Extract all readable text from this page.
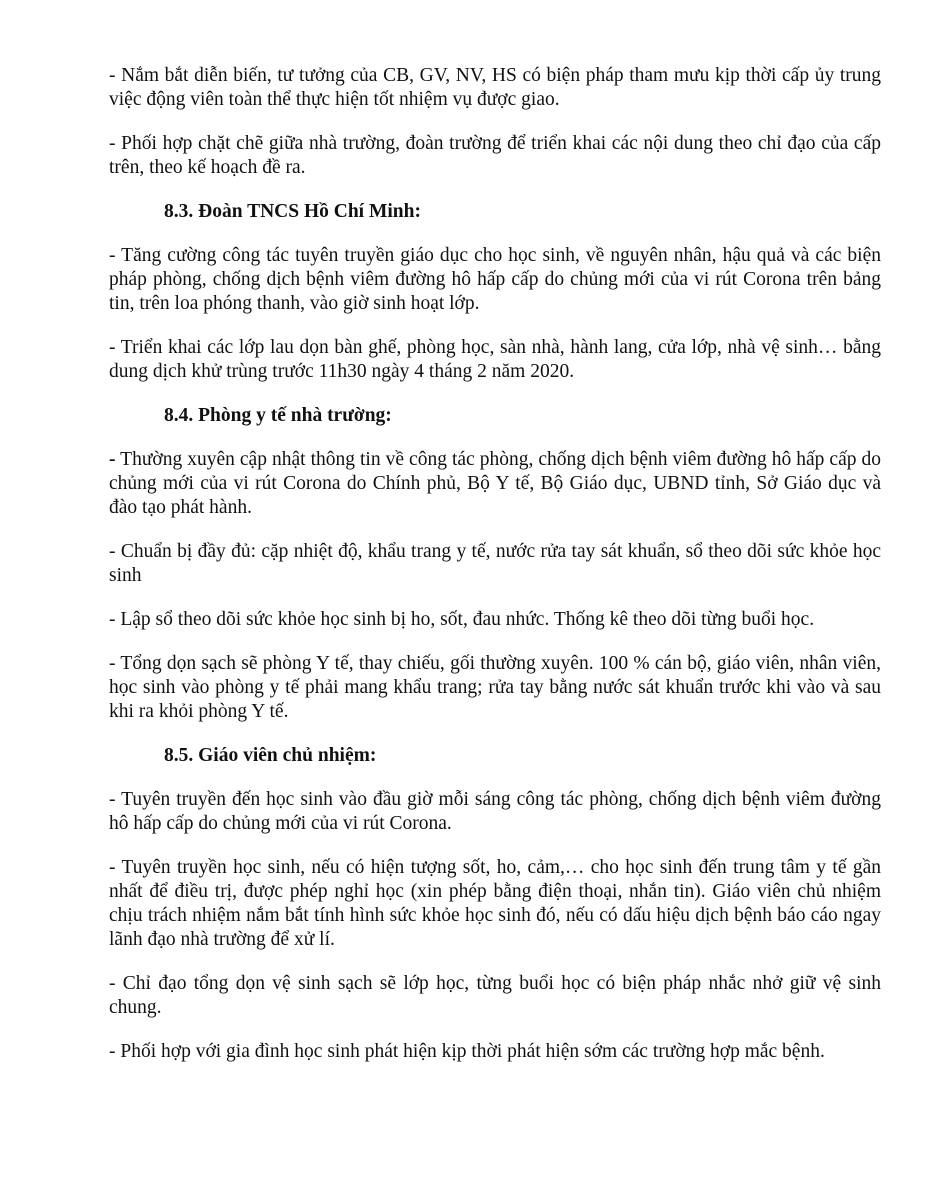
- Nắm bắt diễn biến, tư tưởng của CB, GV, NV, HS có biện pháp tham mưu kịp thời cấp ủy trung việc động viên toàn thể thực hiện tốt nhiệm vụ được giao.

- Phối hợp chặt chẽ giữa nhà trường, đoàn trường để triển khai các nội dung theo chỉ đạo của cấp trên, theo kế hoạch đề ra.

8.3. Đoàn TNCS Hồ Chí Minh:

- Tăng cường công tác tuyên truyền giáo dục cho học sinh, về nguyên nhân, hậu quả và các biện pháp phòng, chống dịch bệnh viêm đường hô hấp cấp do chủng mới của vi rút Corona trên bảng tin, trên loa phóng thanh, vào giờ sinh hoạt lớp.

- Triển khai các lớp lau dọn bàn ghế, phòng học, sàn nhà, hành lang, cửa lớp, nhà vệ sinh… bằng dung dịch khử trùng trước 11h30 ngày 4 tháng 2 năm 2020.

8.4. Phòng y tế nhà trường:

- Thường xuyên cập nhật thông tin về công tác phòng, chống dịch bệnh viêm đường hô hấp cấp do chủng mới của vi rút Corona do Chính phủ, Bộ Y tế, Bộ Giáo dục, UBND tỉnh, Sở Giáo dục và đào tạo phát hành.

- Chuẩn bị đầy đủ: cặp nhiệt độ, khẩu trang y tế, nước rửa tay sát khuẩn, sổ theo dõi sức khỏe học sinh

- Lập sổ theo dõi sức khỏe học sinh bị ho, sốt, đau nhức. Thống kê theo dõi từng buổi học.

- Tổng dọn sạch sẽ phòng Y tế, thay chiếu, gối thường xuyên. 100 % cán bộ, giáo viên, nhân viên, học sinh vào phòng y tế phải mang khẩu trang; rửa tay bằng nước sát khuẩn trước khi vào và sau khi ra khỏi phòng Y tế.

8.5. Giáo viên chủ nhiệm:

- Tuyên truyền đến học sinh vào đầu giờ mỗi sáng công tác phòng, chống dịch bệnh viêm đường hô hấp cấp do chủng mới của vi rút Corona.

- Tuyên truyền học sinh, nếu có hiện tượng sốt, ho, cảm,… cho học sinh đến trung tâm y tế gần nhất để điều trị, được phép nghỉ học (xin phép bằng điện thoại, nhắn tin). Giáo viên chủ nhiệm chịu trách nhiệm nắm bắt tính hình sức khỏe học sinh đó, nếu có dấu hiệu dịch bệnh báo cáo ngay lãnh đạo nhà trường để xử lí.

- Chỉ đạo tổng dọn vệ sinh sạch sẽ lớp học, từng buổi học có biện pháp nhắc nhở giữ vệ sinh chung.

- Phối hợp với gia đình học sinh phát hiện kịp thời phát hiện sớm các trường hợp mắc bệnh.
